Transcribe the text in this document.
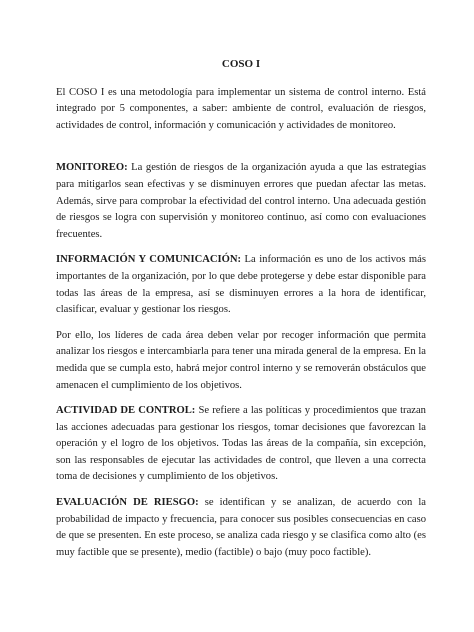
COSO I

El COSO I es una metodología para implementar un sistema de control interno. Está integrado por 5 componentes, a saber: ambiente de control, evaluación de riesgos, actividades de control, información y comunicación y actividades de monitoreo.

MONITOREO: La gestión de riesgos de la organización ayuda a que las estrategias para mitigarlos sean efectivas y se disminuyen errores que puedan afectar las metas. Además, sirve para comprobar la efectividad del control interno. Una adecuada gestión de riesgos se logra con supervisión y monitoreo continuo, así como con evaluaciones frecuentes.

INFORMACIÓN Y COMUNICACIÓN: La información es uno de los activos más importantes de la organización, por lo que debe protegerse y debe estar disponible para todas las áreas de la empresa, así se disminuyen errores a la hora de identificar, clasificar, evaluar y gestionar los riesgos.

Por ello, los líderes de cada área deben velar por recoger información que permita analizar los riesgos e intercambiarla para tener una mirada general de la empresa. En la medida que se cumpla esto, habrá mejor control interno y se removerán obstáculos que amenacen el cumplimiento de los objetivos.

ACTIVIDAD DE CONTROL: Se refiere a las políticas y procedimientos que trazan las acciones adecuadas para gestionar los riesgos, tomar decisiones que favorezcan la operación y el logro de los objetivos. Todas las áreas de la compañía, sin excepción, son las responsables de ejecutar las actividades de control, que lleven a una correcta toma de decisiones y cumplimiento de los objetivos.

EVALUACIÓN DE RIESGO: se identifican y se analizan, de acuerdo con la probabilidad de impacto y frecuencia, para conocer sus posibles consecuencias en caso de que se presenten. En este proceso, se analiza cada riesgo y se clasifica como alto (es muy factible que se presente), medio (factible) o bajo (muy poco factible).
